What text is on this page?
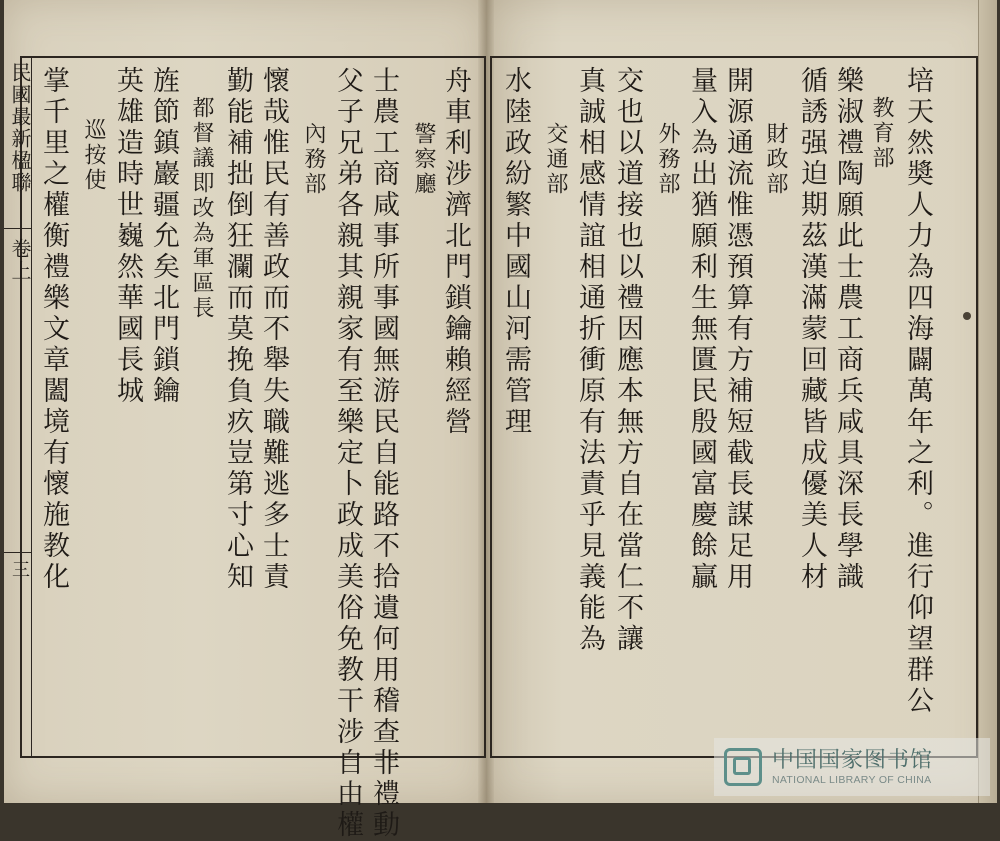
民國最新楹聯
卷上
三	培天然奬人力為四海闢萬年之利。進行仰望群公
教育部
樂淑禮陶願此士農工商兵咸具深長學識
循誘强迫期茲漢滿蒙回藏皆成優美人材
財政部
開源通流惟憑預算有方補短截長謀足用
量入為出猶願利生無匱民殷國富慶餘贏
外務部
交也以道接也以禮因應本無方自在當仁不讓
真誠相感情誼相通折衝原有法責乎見義能為
交通部
水陸政紛繁中國山河需管理
舟車利涉濟北門鎖鑰賴經營
警察廳
士農工商咸事所事國無游民自能路不拾遺何用稽查非禮動
父子兄弟各親其親家有至樂定卜政成美俗免教干涉自由權
內務部
懷哉惟民有善政而不舉失職難逃多士責
勤能補拙倒狂瀾而莫挽負疚豈第寸心知
都督議即改為軍區長
旌節鎮巖疆允矣北門鎖鑰
英雄造時世巍然華國長城
巡按使
掌千里之權衡禮樂文章闔境有懷施教化
中国国家图书馆
NATIONAL LIBRARY OF CHINA
